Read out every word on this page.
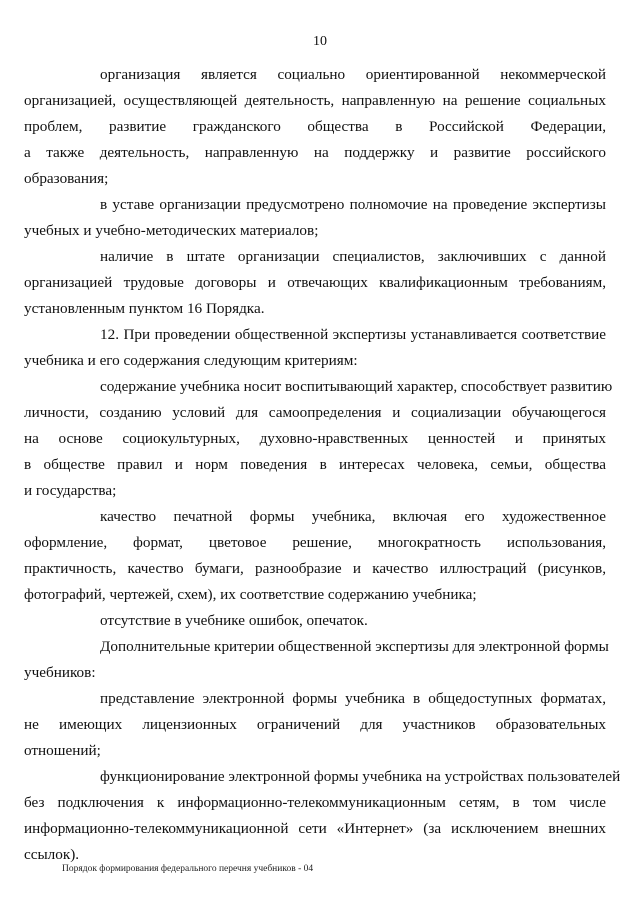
10

организация является социально ориентированной некоммерческой
организацией, осуществляющей деятельность, направленную на решение социальных
проблем, развитие гражданского общества в Российской Федерации,
а также деятельность, направленную на поддержку и развитие российского
образования;

в уставе организации предусмотрено полномочие на проведение экспертизы
учебных и учебно-методических материалов;

наличие в штате организации специалистов, заключивших с данной
организацией трудовые договоры и отвечающих квалификационным требованиям,
установленным пунктом 16 Порядка.

12. При проведении общественной экспертизы устанавливается соответствие
учебника и его содержания следующим критериям:

содержание учебника носит воспитывающий характер, способствует развитию
личности, созданию условий для самоопределения и социализации обучающегося
на основе социокультурных, духовно-нравственных ценностей и принятых
в обществе правил и норм поведения в интересах человека, семьи, общества
и государства;

качество печатной формы учебника, включая его художественное
оформление, формат, цветовое решение, многократность использования,
практичность, качество бумаги, разнообразие и качество иллюстраций (рисунков,
фотографий, чертежей, схем), их соответствие содержанию учебника;

отсутствие в учебнике ошибок, опечаток.

Дополнительные критерии общественной экспертизы для электронной формы
учебников:

представление электронной формы учебника в общедоступных форматах,
не имеющих лицензионных ограничений для участников образовательных
отношений;

функционирование электронной формы учебника на устройствах пользователей
без подключения к информационно-телекоммуникационным сетям, в том числе
информационно-телекоммуникационной сети «Интернет» (за исключением внешних
ссылок).

Порядок формирования федерального перечня учебников - 04
